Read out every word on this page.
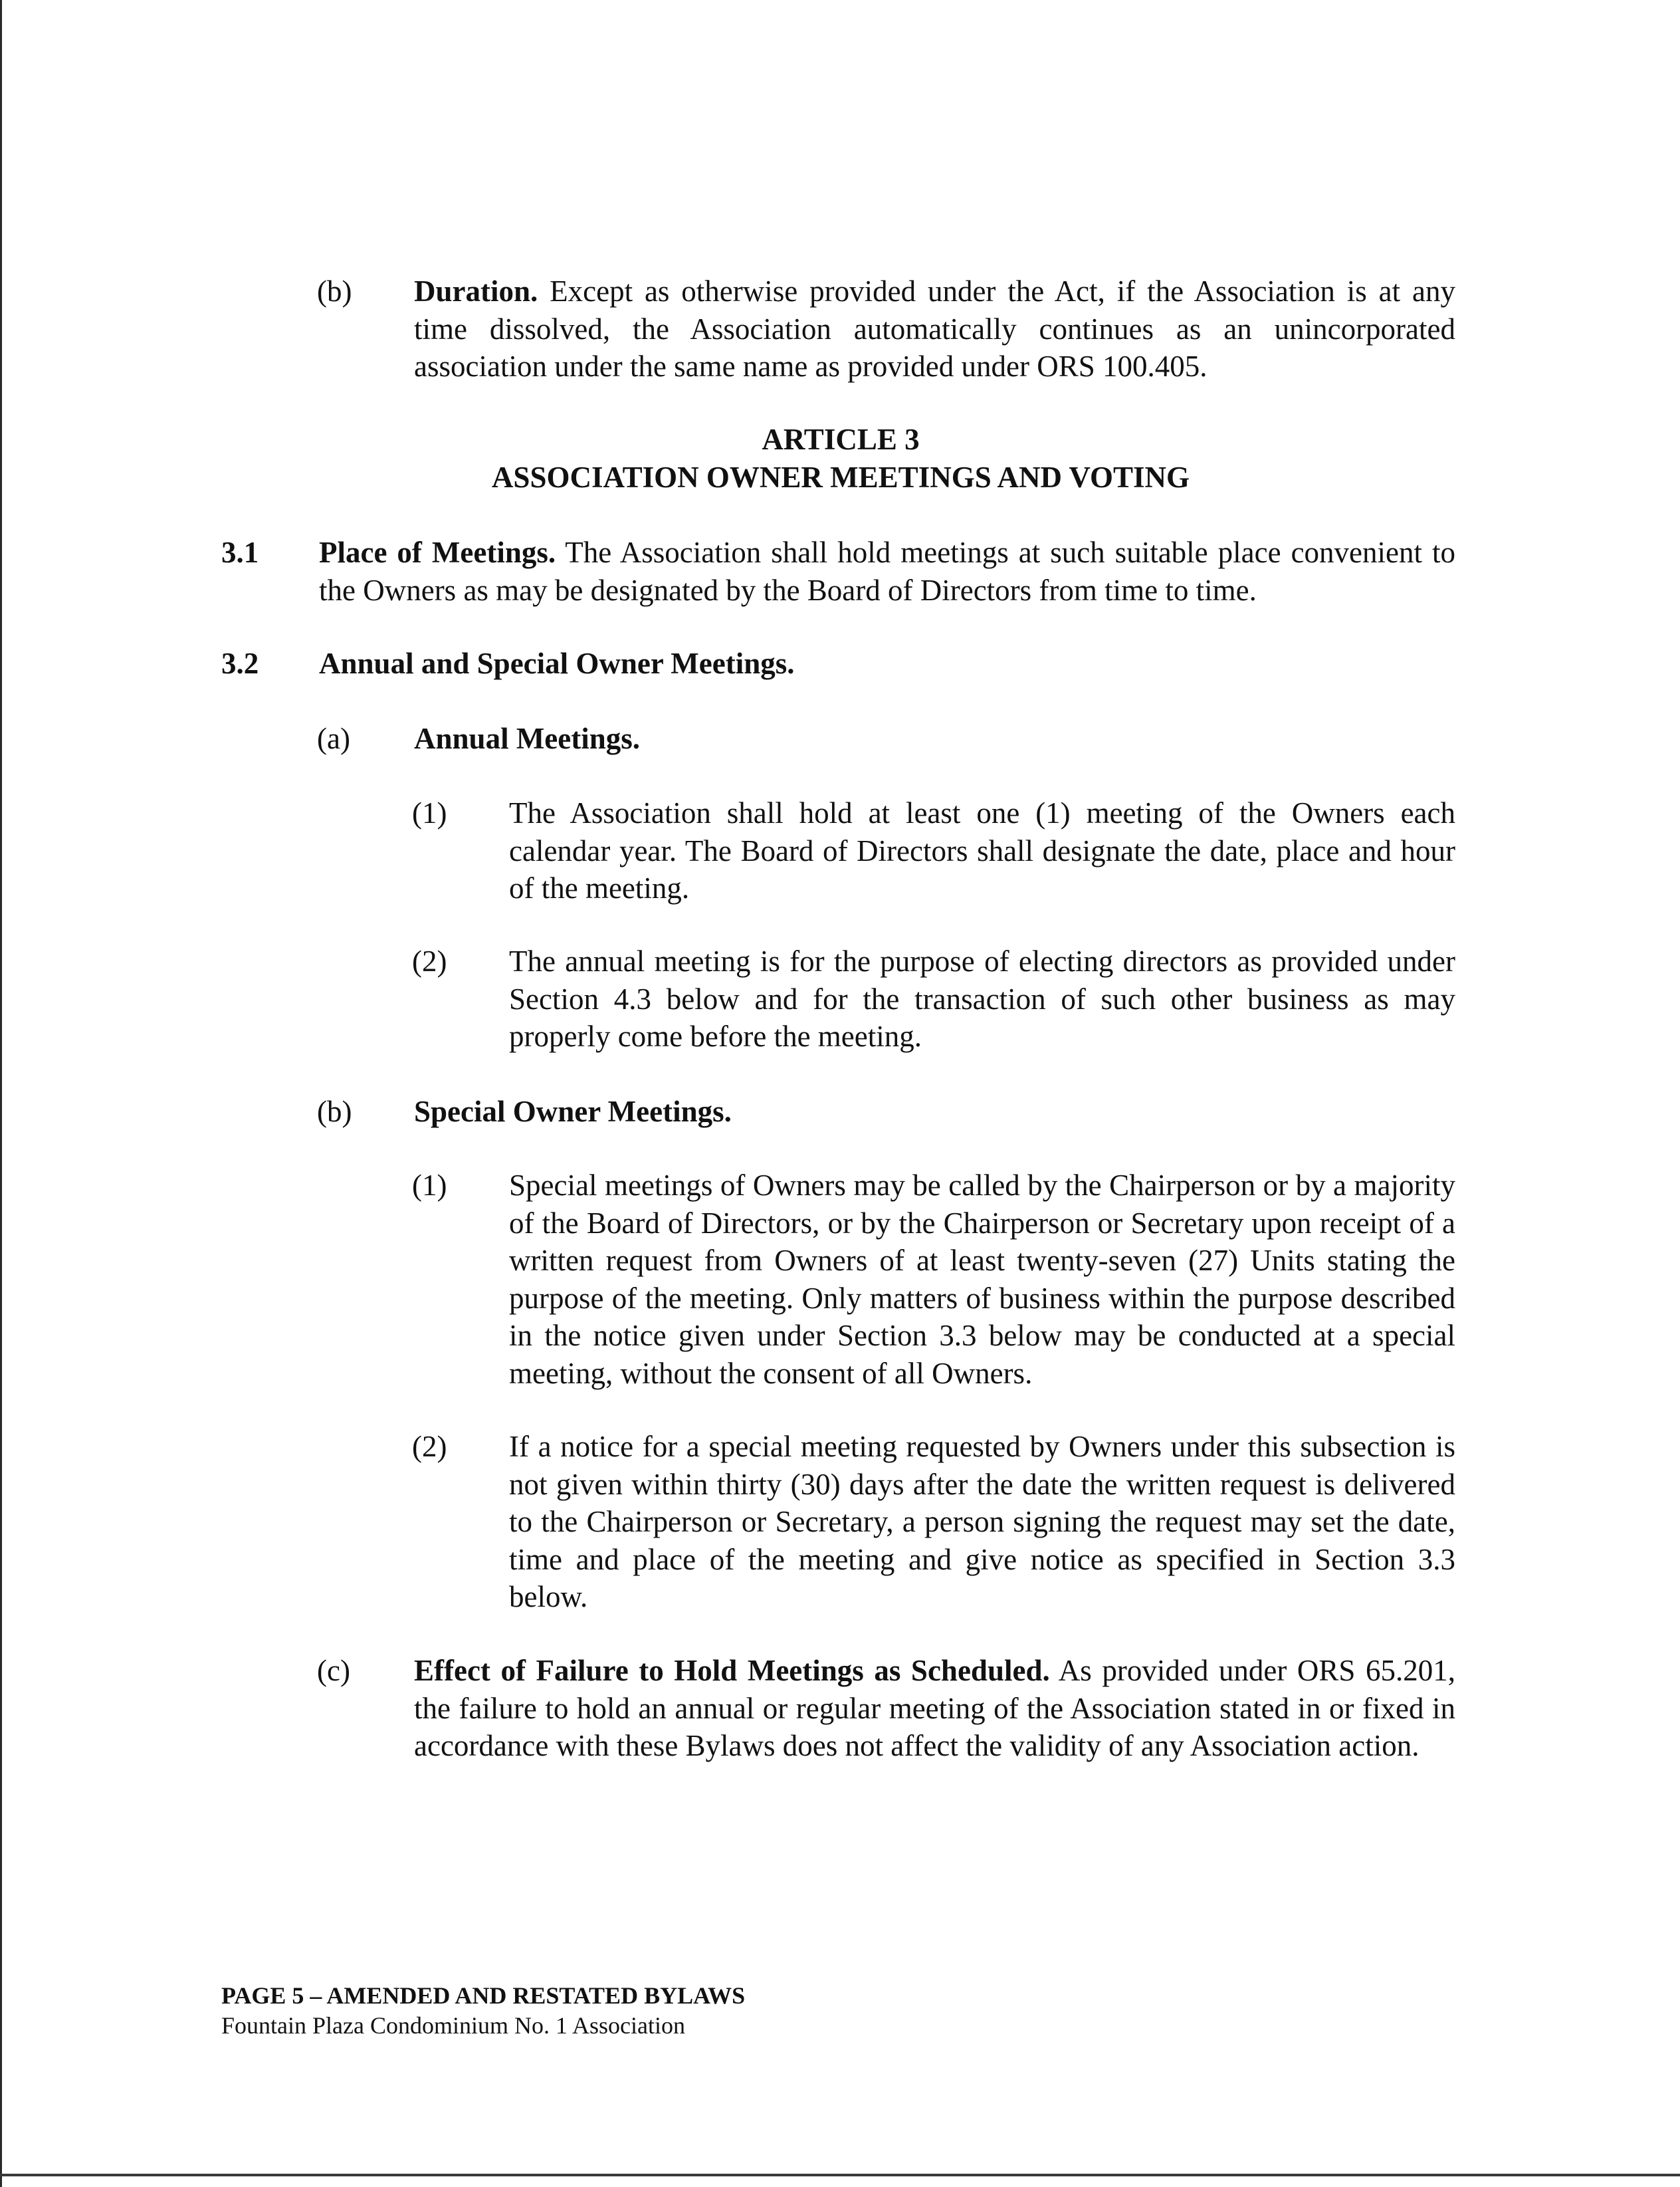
(b) Duration. Except as otherwise provided under the Act, if the Association is at any time dissolved, the Association automatically continues as an unincorporated association under the same name as provided under ORS 100.405.
ARTICLE 3
ASSOCIATION OWNER MEETINGS AND VOTING
3.1 Place of Meetings. The Association shall hold meetings at such suitable place convenient to the Owners as may be designated by the Board of Directors from time to time.
3.2 Annual and Special Owner Meetings.
(a) Annual Meetings.
(1) The Association shall hold at least one (1) meeting of the Owners each calendar year. The Board of Directors shall designate the date, place and hour of the meeting.
(2) The annual meeting is for the purpose of electing directors as provided under Section 4.3 below and for the transaction of such other business as may properly come before the meeting.
(b) Special Owner Meetings.
(1) Special meetings of Owners may be called by the Chairperson or by a majority of the Board of Directors, or by the Chairperson or Secretary upon receipt of a written request from Owners of at least twenty-seven (27) Units stating the purpose of the meeting. Only matters of business within the purpose described in the notice given under Section 3.3 below may be conducted at a special meeting, without the consent of all Owners.
(2) If a notice for a special meeting requested by Owners under this subsection is not given within thirty (30) days after the date the written request is delivered to the Chairperson or Secretary, a person signing the request may set the date, time and place of the meeting and give notice as specified in Section 3.3 below.
(c) Effect of Failure to Hold Meetings as Scheduled. As provided under ORS 65.201, the failure to hold an annual or regular meeting of the Association stated in or fixed in accordance with these Bylaws does not affect the validity of any Association action.
PAGE 5 – AMENDED AND RESTATED BYLAWS
Fountain Plaza Condominium No. 1 Association
